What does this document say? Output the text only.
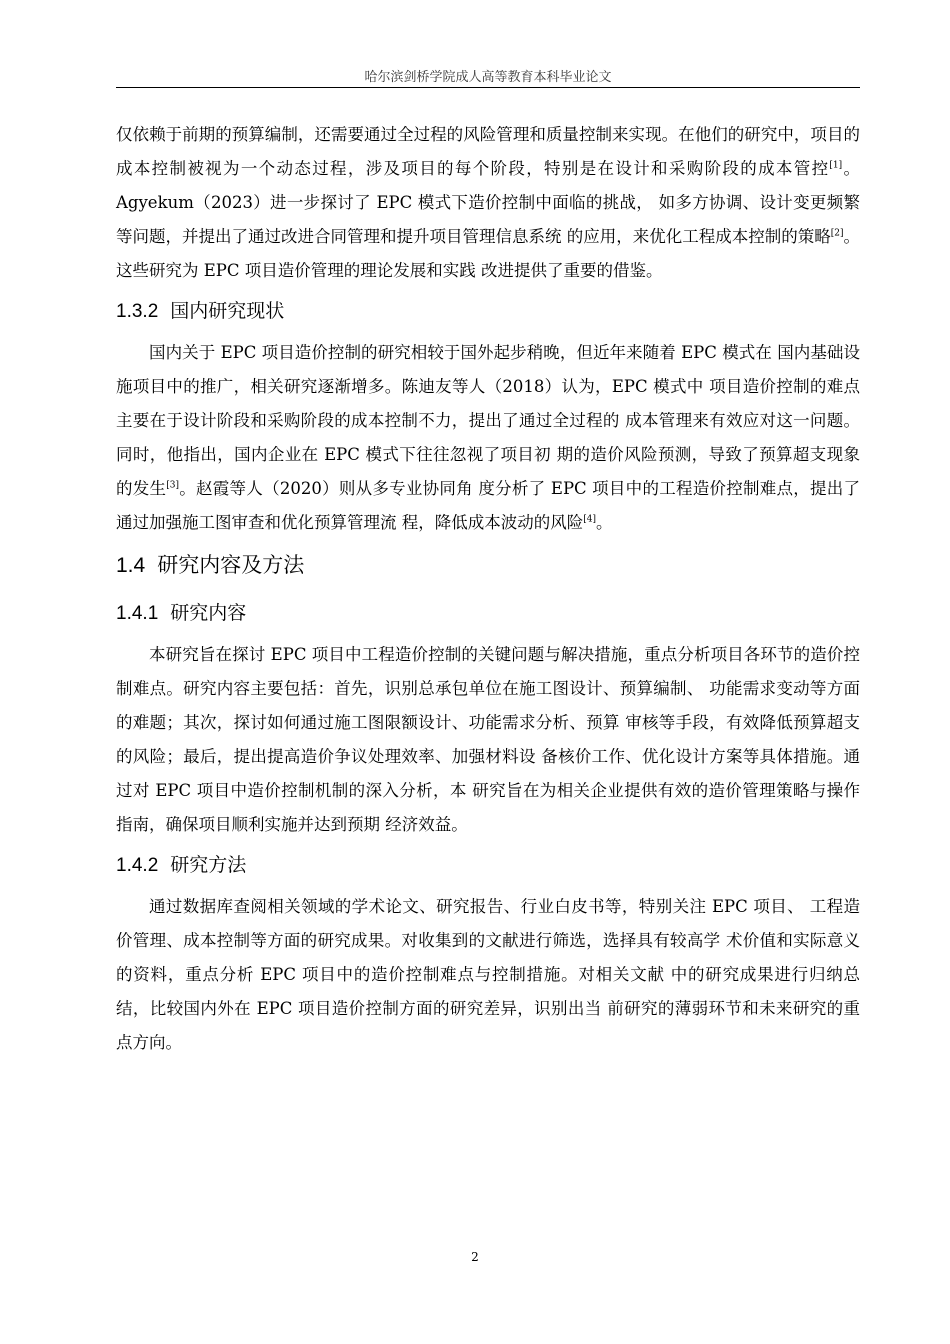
哈尔滨剑桥学院成人高等教育本科毕业论文

仅依赖于前期的预算编制，还需要通过全过程的风险管理和质量控制来实现。在他们的研究中，项目的成本控制被视为一个动态过程，涉及项目的每个阶段，特别是在设计和采购阶段的成本管控[1]。Agyekum（2023）进一步探讨了 EPC 模式下造价控制中面临的挑战， 如多方协调、设计变更频繁等问题，并提出了通过改进合同管理和提升项目管理信息系统 的应用，来优化工程成本控制的策略[2]。这些研究为 EPC 项目造价管理的理论发展和实践 改进提供了重要的借鉴。

1.3.2 国内研究现状

国内关于 EPC 项目造价控制的研究相较于国外起步稍晚，但近年来随着 EPC 模式在 国内基础设施项目中的推广，相关研究逐渐增多。陈迪友等人（2018）认为，EPC 模式中 项目造价控制的难点主要在于设计阶段和采购阶段的成本控制不力，提出了通过全过程的 成本管理来有效应对这一问题。同时，他指出，国内企业在 EPC 模式下往往忽视了项目初 期的造价风险预测，导致了预算超支现象的发生[3]。赵霞等人（2020）则从多专业协同角 度分析了 EPC 项目中的工程造价控制难点，提出了通过加强施工图审查和优化预算管理流 程，降低成本波动的风险[4]。

1.4 研究内容及方法
1.4.1 研究内容

本研究旨在探讨 EPC 项目中工程造价控制的关键问题与解决措施，重点分析项目各环节的造价控制难点。研究内容主要包括：首先，识别总承包单位在施工图设计、预算编制、 功能需求变动等方面的难题；其次，探讨如何通过施工图限额设计、功能需求分析、预算 审核等手段，有效降低预算超支的风险；最后，提出提高造价争议处理效率、加强材料设 备核价工作、优化设计方案等具体措施。通过对 EPC 项目中造价控制机制的深入分析，本 研究旨在为相关企业提供有效的造价管理策略与操作指南，确保项目顺利实施并达到预期 经济效益。

1.4.2 研究方法

通过数据库查阅相关领域的学术论文、研究报告、行业白皮书等，特别关注 EPC 项目、 工程造价管理、成本控制等方面的研究成果。对收集到的文献进行筛选，选择具有较高学 术价值和实际意义的资料，重点分析 EPC 项目中的造价控制难点与控制措施。对相关文献 中的研究成果进行归纳总结，比较国内外在 EPC 项目造价控制方面的研究差异，识别出当 前研究的薄弱环节和未来研究的重点方向。

2
